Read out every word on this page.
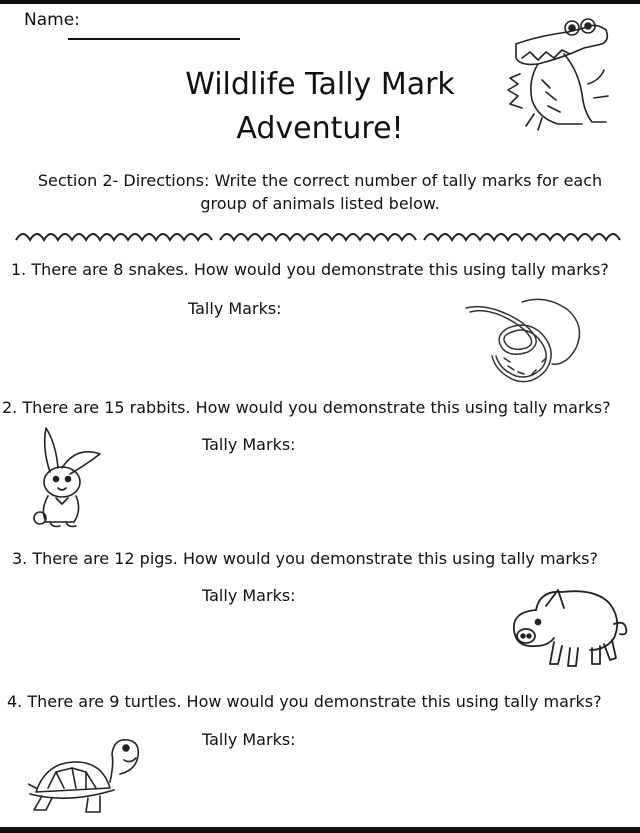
Name:
Wildlife Tally Mark
Adventure!
Section 2- Directions: Write the correct number of tally marks for each
group of animals listed below.
1. There are 8 snakes. How would you demonstrate this using tally marks?
Tally Marks:
2. There are 15 rabbits. How would you demonstrate this using tally marks?
Tally Marks:
3. There are 12 pigs. How would you demonstrate this using tally marks?
Tally Marks:
4. There are 9 turtles. How would you demonstrate this using tally marks?
Tally Marks:
